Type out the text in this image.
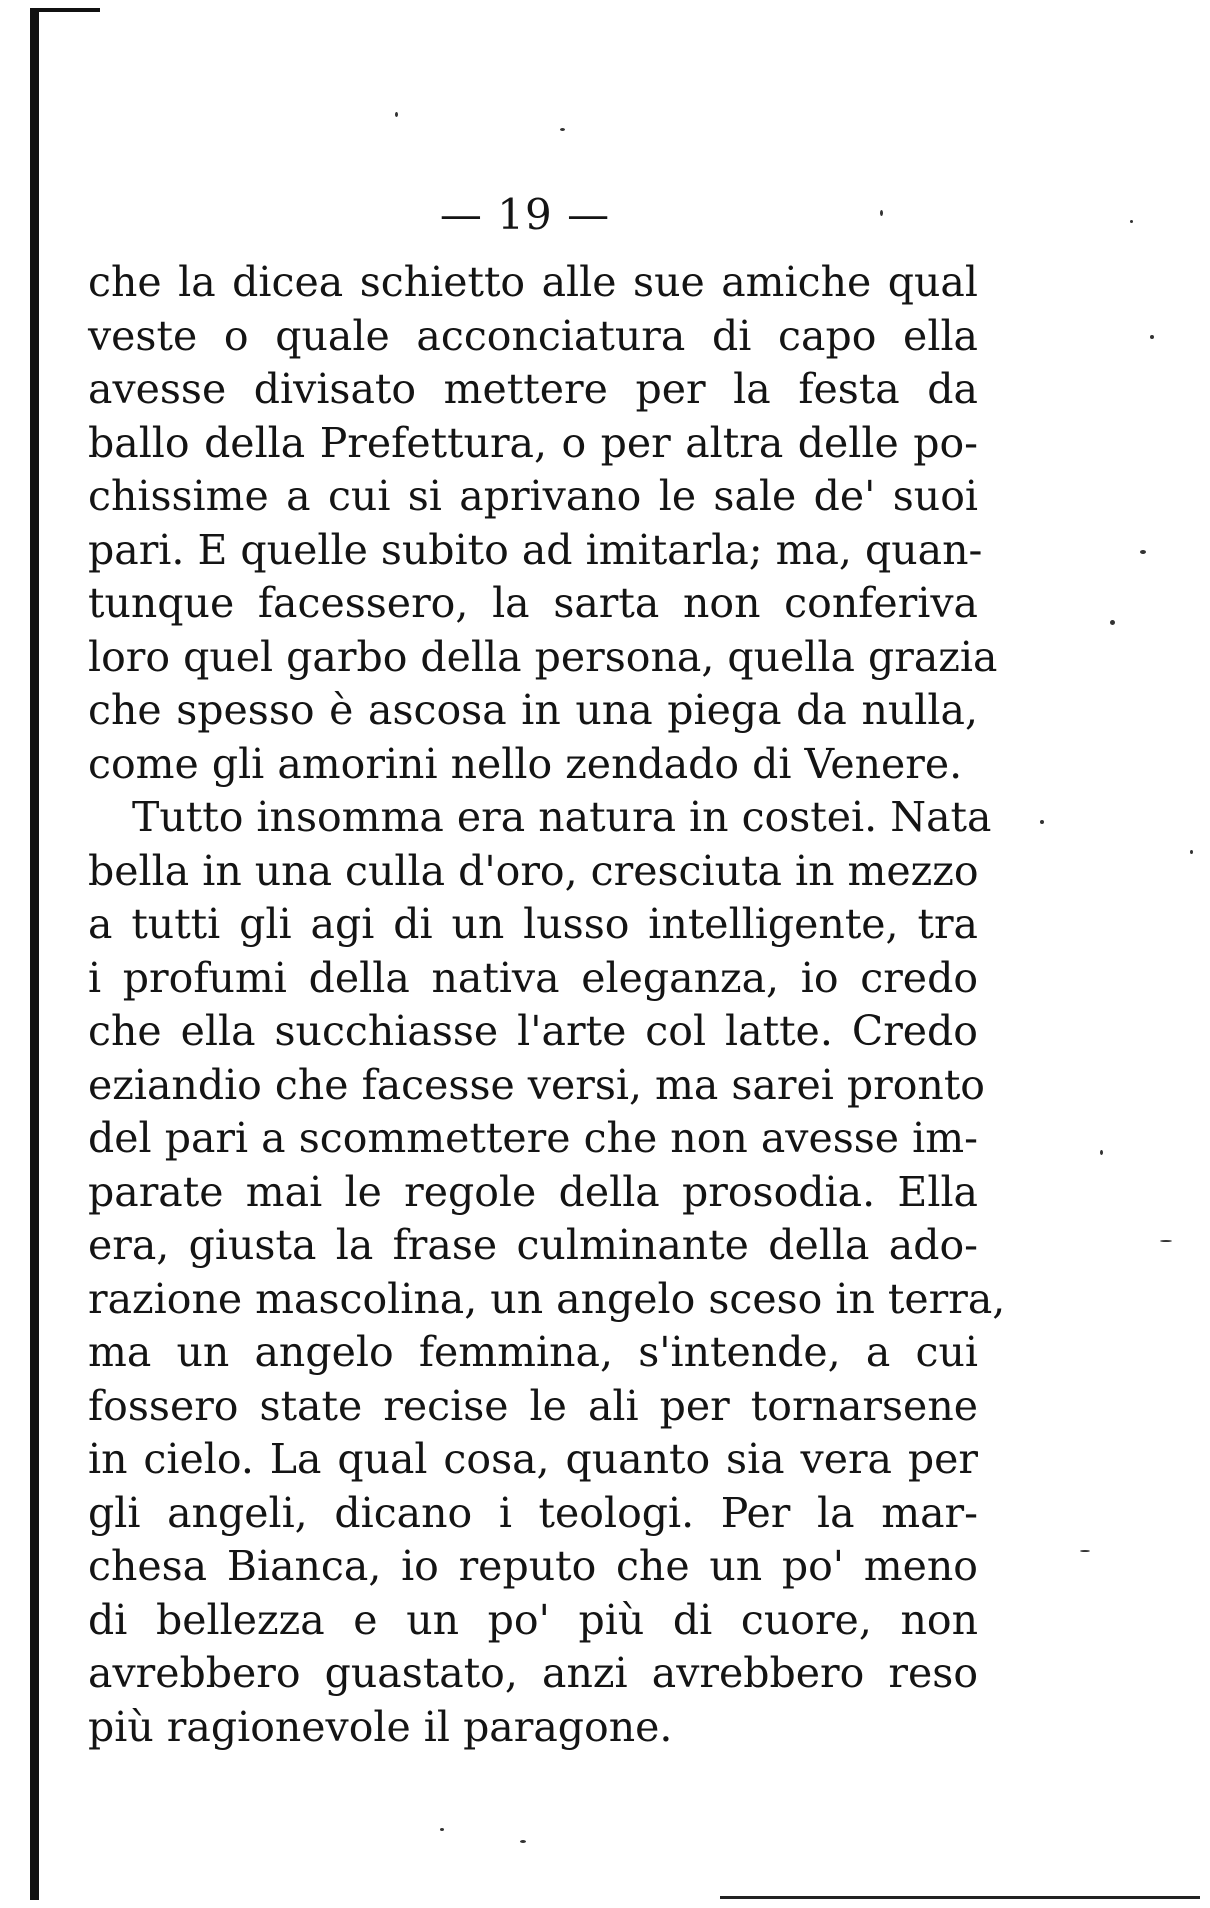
— 19 —
che la dicea schietto alle sue amiche qual
veste o quale acconciatura di capo ella
avesse divisato mettere per la festa da
ballo della Prefettura, o per altra delle po-
chissime a cui si aprivano le sale de' suoi
pari. E quelle subito ad imitarla; ma, quan-
tunque facessero, la sarta non conferiva
loro quel garbo della persona, quella grazia
che spesso è ascosa in una piega da nulla,
come gli amorini nello zendado di Venere.
Tutto insomma era natura in costei. Nata
bella in una culla d'oro, cresciuta in mezzo
a tutti gli agi di un lusso intelligente, tra
i profumi della nativa eleganza, io credo
che ella succhiasse l'arte col latte. Credo
eziandio che facesse versi, ma sarei pronto
del pari a scommettere che non avesse im-
parate mai le regole della prosodia. Ella
era, giusta la frase culminante della ado-
razione mascolina, un angelo sceso in terra,
ma un angelo femmina, s'intende, a cui
fossero state recise le ali per tornarsene
in cielo. La qual cosa, quanto sia vera per
gli angeli, dicano i teologi. Per la mar-
chesa Bianca, io reputo che un po' meno
di bellezza e un po' più di cuore, non
avrebbero guastato, anzi avrebbero reso
più ragionevole il paragone.
